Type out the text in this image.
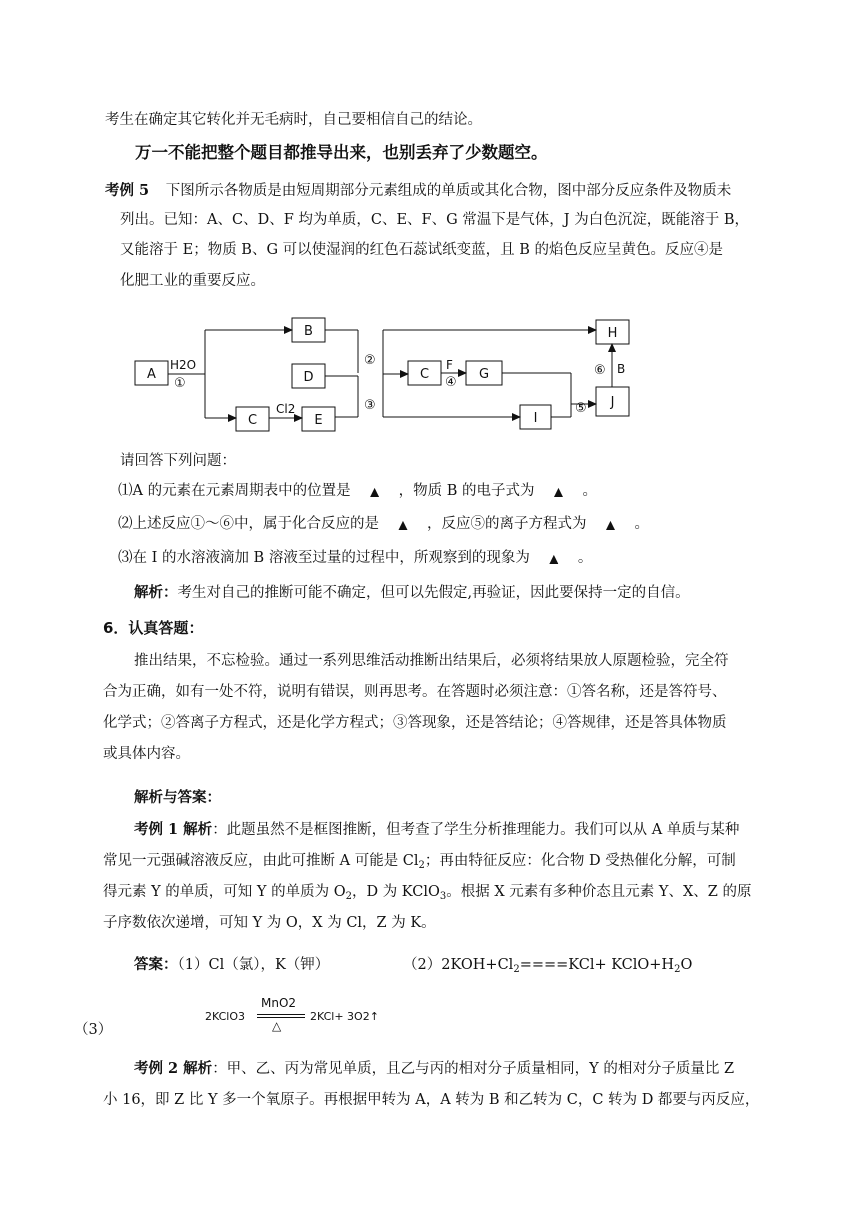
考生在确定其它转化并无毛病时，自己要相信自己的结论。
万一不能把整个题目都推导出来，也别丢弃了少数题空。
考例 5 下图所示各物质是由短周期部分元素组成的单质或其化合物，图中部分反应条件及物质未
列出。已知：A、C、D、F 均为单质，C、E、F、G 常温下是气体，J 为白色沉淀，既能溶于 B，
又能溶于 E；物质 B、G 可以使湿润的红色石蕊试纸变蓝，且 B 的焰色反应呈黄色。反应④是
化肥工业的重要反应。
A
B
D
C	E
C	G
H
I
J
H2O
①
Cl2
②
③
F
④
⑤
⑥ B
请回答下列问题：
⑴A 的元素在元素周期表中的位置是 ▲ ，物质 B 的电子式为 ▲ 。
⑵上述反应①～⑥中，属于化合反应的是 ▲ ，反应⑤的离子方程式为 ▲ 。
⑶在 I 的水溶液滴加 B 溶液至过量的过程中，所观察到的现象为 ▲ 。
解析：考生对自己的推断可能不确定，但可以先假定,再验证，因此要保持一定的自信。
6．认真答题：
推出结果，不忘检验。通过一系列思维活动推断出结果后，必须将结果放人原题检验，完全符
合为正确，如有一处不符，说明有错误，则再思考。在答题时必须注意：①答名称，还是答符号、
化学式；②答离子方程式，还是化学方程式；③答现象，还是答结论；④答规律，还是答具体物质
或具体内容。
解析与答案：
考例 1 解析：此题虽然不是框图推断，但考查了学生分析推理能力。我们可以从 A 单质与某种
常见一元强碱溶液反应，由此可推断 A 可能是 $Cl_2$；再由特征反应：化合物 D 受热催化分解，可制
得元素 Y 的单质，可知 Y 的单质为 $O_2$，D 为 KClO$_3$。根据 X 元素有多种价态且元素 Y、X、Z 的原
子序数依次递增，可知 Y 为 O，X 为 Cl，Z 为 K。
答案：（1）Cl（氯），K（钾）	$(2)2KOH+Cl_2====KCl+$ $KClO+H_2O$
（3）
2KClO3
MnO2
△
2KCl+ 3O2↑
考例 2 解析：甲、乙、丙为常见单质，且乙与丙的相对分子质量相同，Y 的相对分子质量比 Z
小 16，即 Z 比 Y 多一个氧原子。再根据甲转为 A，A 转为 B 和乙转为 C，C 转为 D 都要与丙反应，
